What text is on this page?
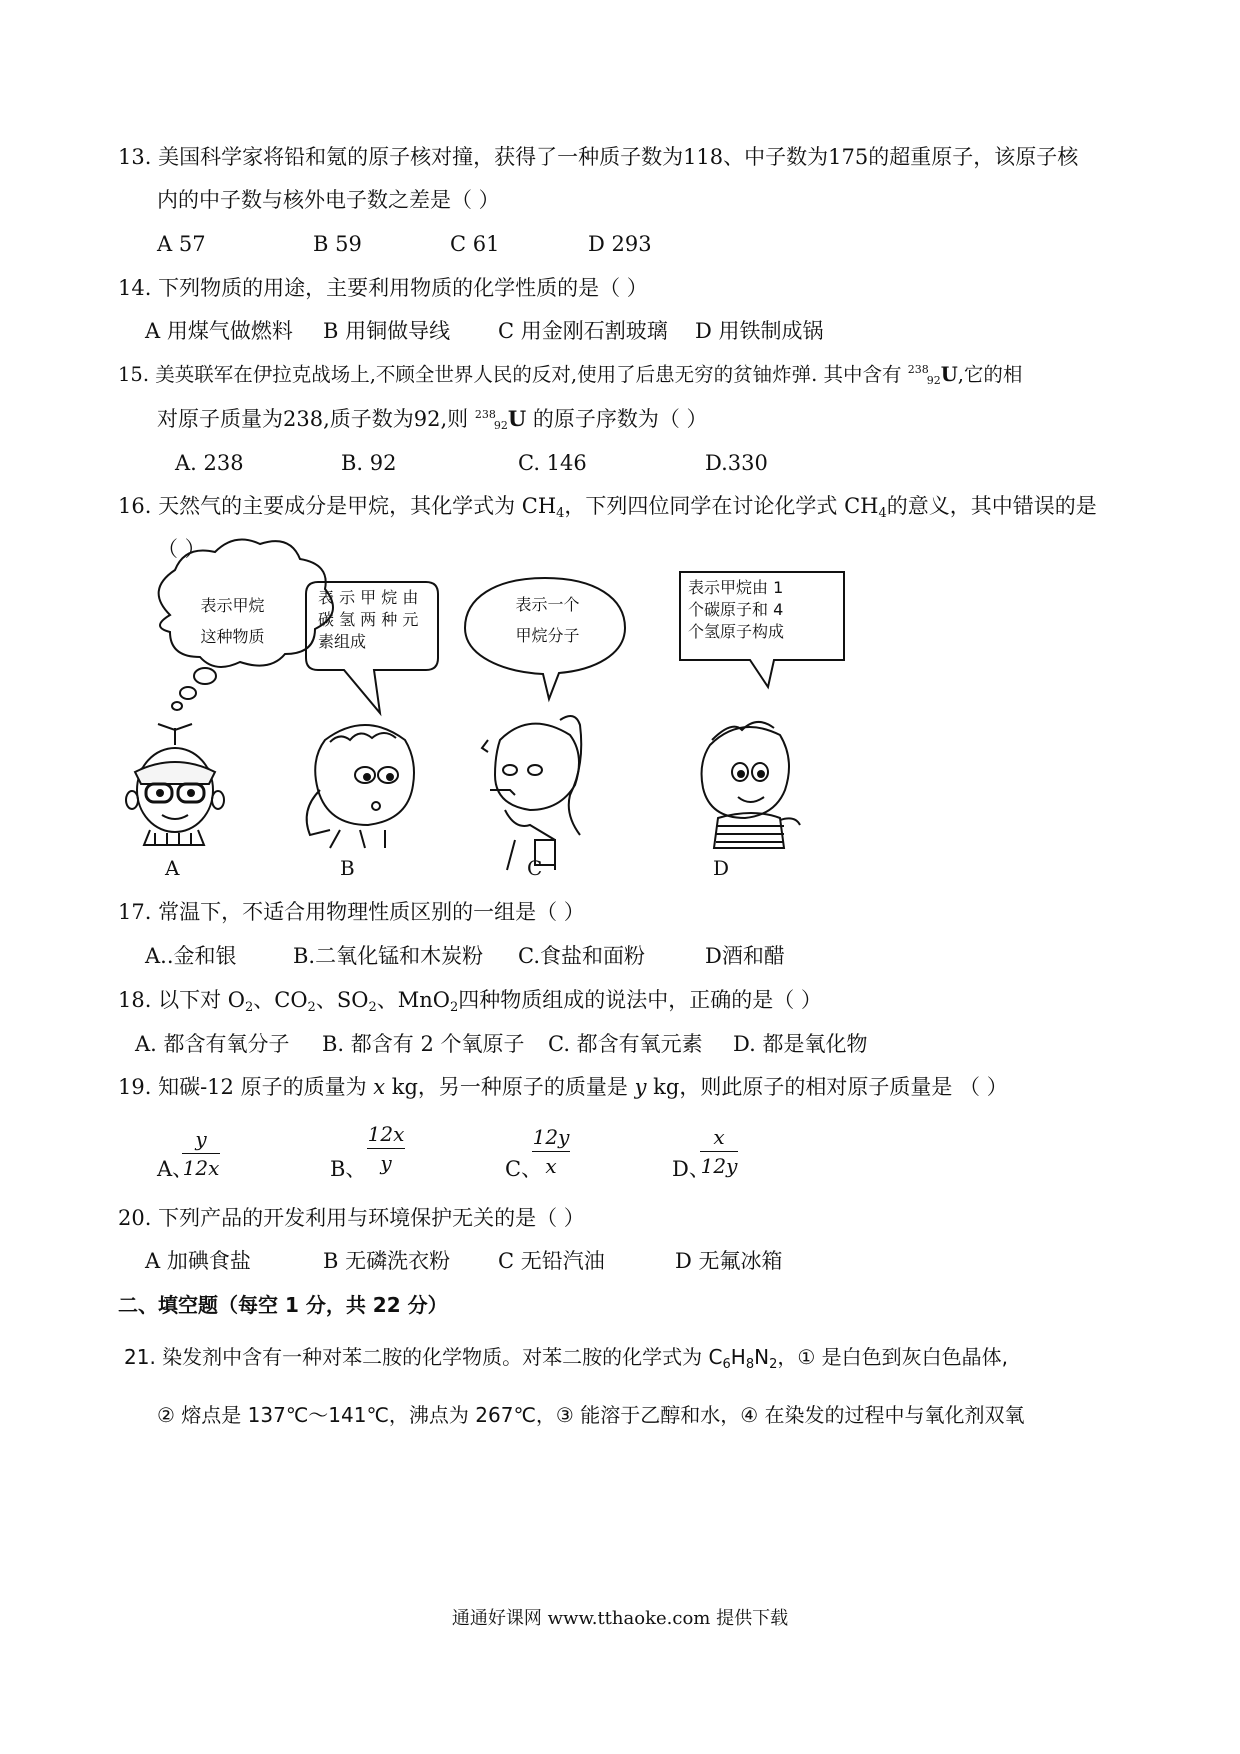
13. 美国科学家将铅和氪的原子核对撞，获得了一种质子数为118、中子数为175的超重原子，该原子核
内的中子数与核外电子数之差是（ ）
A 57	B 59	C 61	D 293
14. 下列物质的用途，主要利用物质的化学性质的是（ ）
A 用煤气做燃料 B 用铜做导线 C 用金刚石割玻璃 D 用铁制成锅
15. 美英联军在伊拉克战场上,不顾全世界人民的反对,使用了后患无穷的贫铀炸弹. 其中含有 $^{238}$92U,它的相
对原子质量为238,质子数为92,则 $^{238}$92U 的原子序数为（ ）
A. 238	B. 92	C. 146	D.330
16. 天然气的主要成分是甲烷，其化学式为 $CH_4$，下列四位同学在讨论化学式 $CH_4$的意义，其中错误的是
（ ）
表示甲烷
这种物质
表 示 甲 烷 由
碳 氢 两 种 元
素组成
表示一个
甲烷分子
表示甲烷由 1
个碳原子和 4
个氢原子构成
A	B	C	D
17. 常温下，不适合用物理性质区别的一组是（ ）
A..金和银	B.二氧化锰和木炭粉 C.食盐和面粉	D酒和醋
18. 以下对 $O_2$、$CO_2$、$SO_2$、MnO$_2$四种物质组成的说法中，正确的是（ ）
A. 都含有氧分子 B. 都含有 2 个氧原子 C. 都含有氧元素 D. 都是氧化物
19. 知碳-12 原子的质量为 x kg，另一种原子的质量是 y kg，则此原子的相对原子质量是 （ ）
A、
y
12x	B、
12x
y	C、
12y
x	D、
x
12y
20. 下列产品的开发利用与环境保护无关的是（ ）
A 加碘食盐	B 无磷洗衣粉 C 无铅汽油	D 无氟冰箱
二、填空题（每空 1 分，共 22 分）
21. 染发剂中含有一种对苯二胺的化学物质。对苯二胺的化学式为 $C_6H_8N_2$，① 是白色到灰白色晶体,
② 熔点是 137℃～141℃，沸点为 267℃，③ 能溶于乙醇和水，④ 在染发的过程中与氧化剂双氧
通通好课网 www.tthaoke.com 提供下载
